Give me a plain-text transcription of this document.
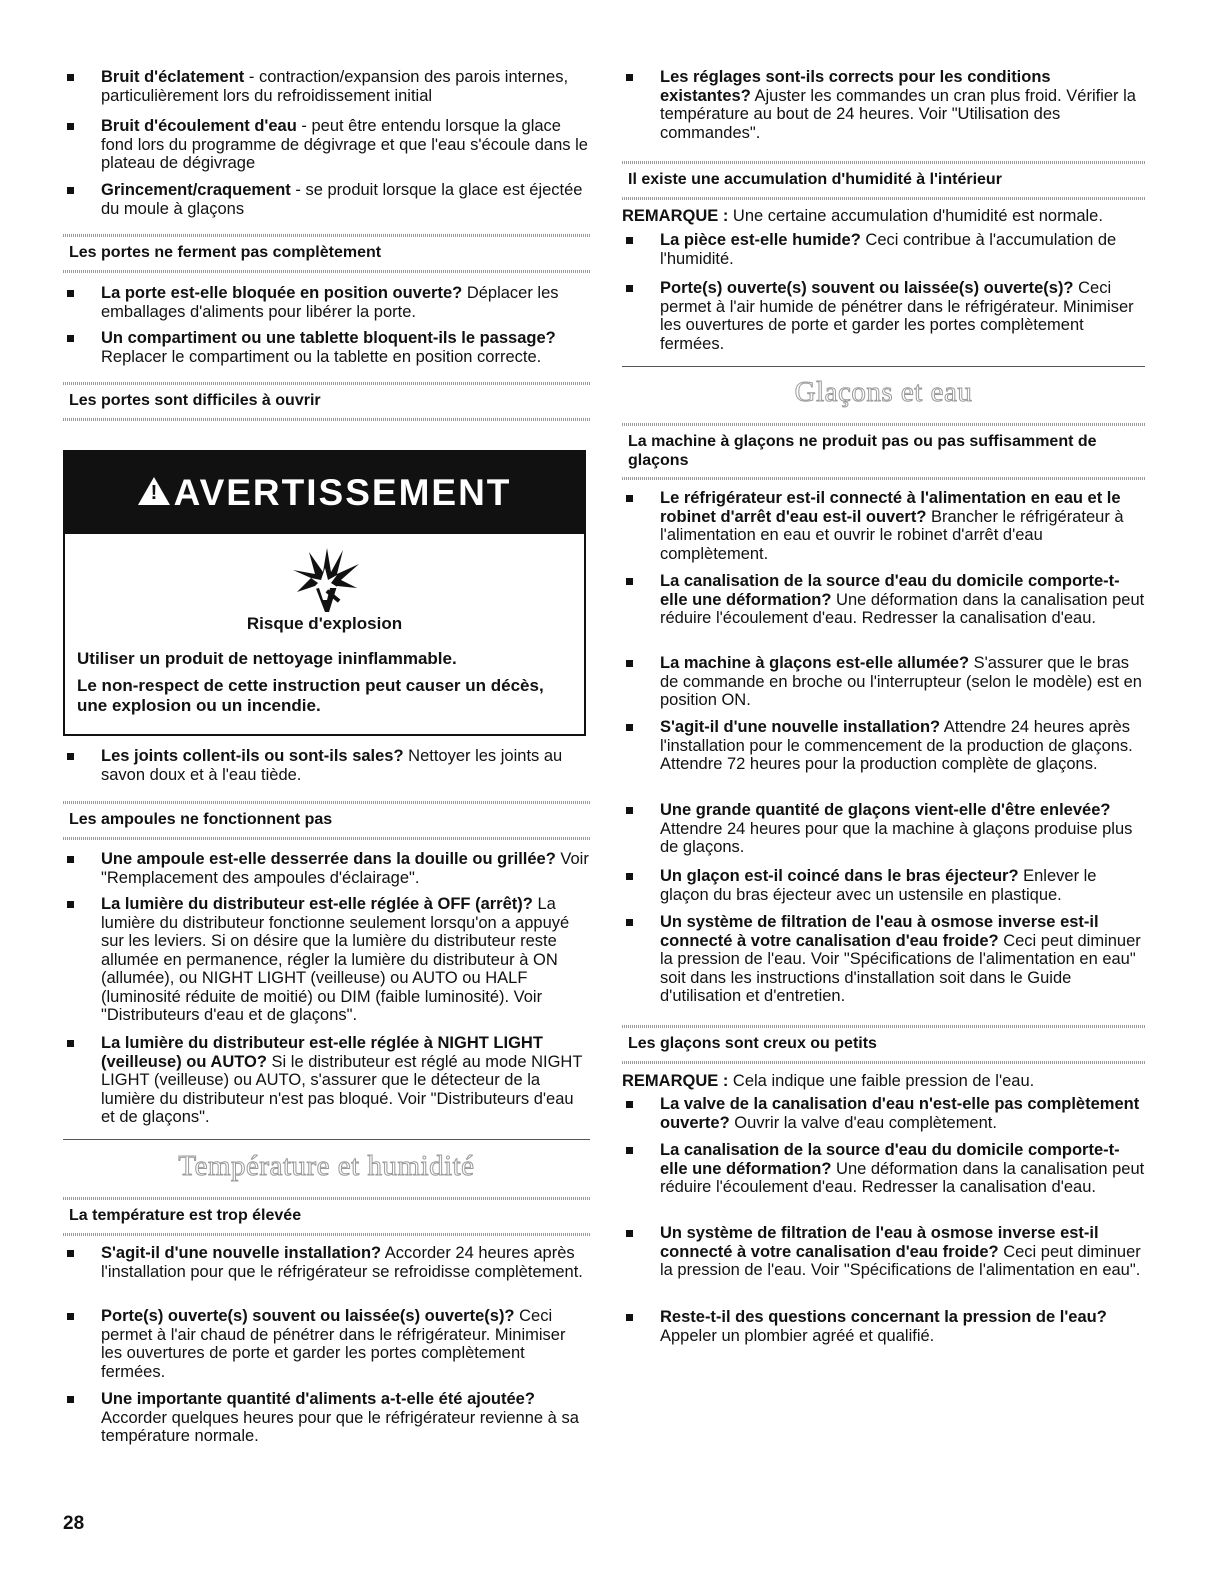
Bruit d'éclatement - contraction/expansion des parois internes, particulièrement lors du refroidissement initial
Bruit d'écoulement d'eau - peut être entendu lorsque la glace fond lors du programme de dégivrage et que l'eau s'écoule dans le plateau de dégivrage
Grincement/craquement - se produit lorsque la glace est éjectée du moule à glaçons
Les portes ne ferment pas complètement
La porte est-elle bloquée en position ouverte? Déplacer les emballages d'aliments pour libérer la porte.
Un compartiment ou une tablette bloquent-ils le passage? Replacer le compartiment ou la tablette en position correcte.
Les portes sont difficiles à ouvrir
! AVERTISSEMENT
Risque d'explosion
Utiliser un produit de nettoyage ininflammable.
Le non-respect de cette instruction peut causer un décès, une explosion ou un incendie.
Les joints collent-ils ou sont-ils sales? Nettoyer les joints au savon doux et à l'eau tiède.
Les ampoules ne fonctionnent pas
Une ampoule est-elle desserrée dans la douille ou grillée? Voir "Remplacement des ampoules d'éclairage".
La lumière du distributeur est-elle réglée à OFF (arrêt)? La lumière du distributeur fonctionne seulement lorsqu'on a appuyé sur les leviers. Si on désire que la lumière du distributeur reste allumée en permanence, régler la lumière du distributeur à ON (allumée), ou NIGHT LIGHT (veilleuse) ou AUTO ou HALF (luminosité réduite de moitié) ou DIM (faible luminosité). Voir "Distributeurs d'eau et de glaçons".
La lumière du distributeur est-elle réglée à NIGHT LIGHT (veilleuse) ou AUTO? Si le distributeur est réglé au mode NIGHT LIGHT (veilleuse) ou AUTO, s'assurer que le détecteur de la lumière du distributeur n'est pas bloqué. Voir "Distributeurs d'eau et de glaçons".
Température et humidité
La température est trop élevée
S'agit-il d'une nouvelle installation? Accorder 24 heures après l'installation pour que le réfrigérateur se refroidisse complètement.
Porte(s) ouverte(s) souvent ou laissée(s) ouverte(s)? Ceci permet à l'air chaud de pénétrer dans le réfrigérateur. Minimiser les ouvertures de porte et garder les portes complètement fermées.
Une importante quantité d'aliments a-t-elle été ajoutée? Accorder quelques heures pour que le réfrigérateur revienne à sa température normale.
Les réglages sont-ils corrects pour les conditions existantes? Ajuster les commandes un cran plus froid. Vérifier la température au bout de 24 heures. Voir "Utilisation des commandes".
Il existe une accumulation d'humidité à l'intérieur
REMARQUE : Une certaine accumulation d'humidité est normale.
La pièce est-elle humide? Ceci contribue à l'accumulation de l'humidité.
Porte(s) ouverte(s) souvent ou laissée(s) ouverte(s)? Ceci permet à l'air humide de pénétrer dans le réfrigérateur. Minimiser les ouvertures de porte et garder les portes complètement fermées.
Glaçons et eau
La machine à glaçons ne produit pas ou pas suffisamment de glaçons
Le réfrigérateur est-il connecté à l'alimentation en eau et le robinet d'arrêt d'eau est-il ouvert? Brancher le réfrigérateur à l'alimentation en eau et ouvrir le robinet d'arrêt d'eau complètement.
La canalisation de la source d'eau du domicile comporte-t-elle une déformation? Une déformation dans la canalisation peut réduire l'écoulement d'eau. Redresser la canalisation d'eau.
La machine à glaçons est-elle allumée? S'assurer que le bras de commande en broche ou l'interrupteur (selon le modèle) est en position ON.
S'agit-il d'une nouvelle installation? Attendre 24 heures après l'installation pour le commencement de la production de glaçons. Attendre 72 heures pour la production complète de glaçons.
Une grande quantité de glaçons vient-elle d'être enlevée? Attendre 24 heures pour que la machine à glaçons produise plus de glaçons.
Un glaçon est-il coincé dans le bras éjecteur? Enlever le glaçon du bras éjecteur avec un ustensile en plastique.
Un système de filtration de l'eau à osmose inverse est-il connecté à votre canalisation d'eau froide? Ceci peut diminuer la pression de l'eau. Voir "Spécifications de l'alimentation en eau" soit dans les instructions d'installation soit dans le Guide d'utilisation et d'entretien.
Les glaçons sont creux ou petits
REMARQUE : Cela indique une faible pression de l'eau.
La valve de la canalisation d'eau n'est-elle pas complètement ouverte? Ouvrir la valve d'eau complètement.
La canalisation de la source d'eau du domicile comporte-t-elle une déformation? Une déformation dans la canalisation peut réduire l'écoulement d'eau. Redresser la canalisation d'eau.
Un système de filtration de l'eau à osmose inverse est-il connecté à votre canalisation d'eau froide? Ceci peut diminuer la pression de l'eau. Voir "Spécifications de l'alimentation en eau".
Reste-t-il des questions concernant la pression de l'eau? Appeler un plombier agréé et qualifié.
28
